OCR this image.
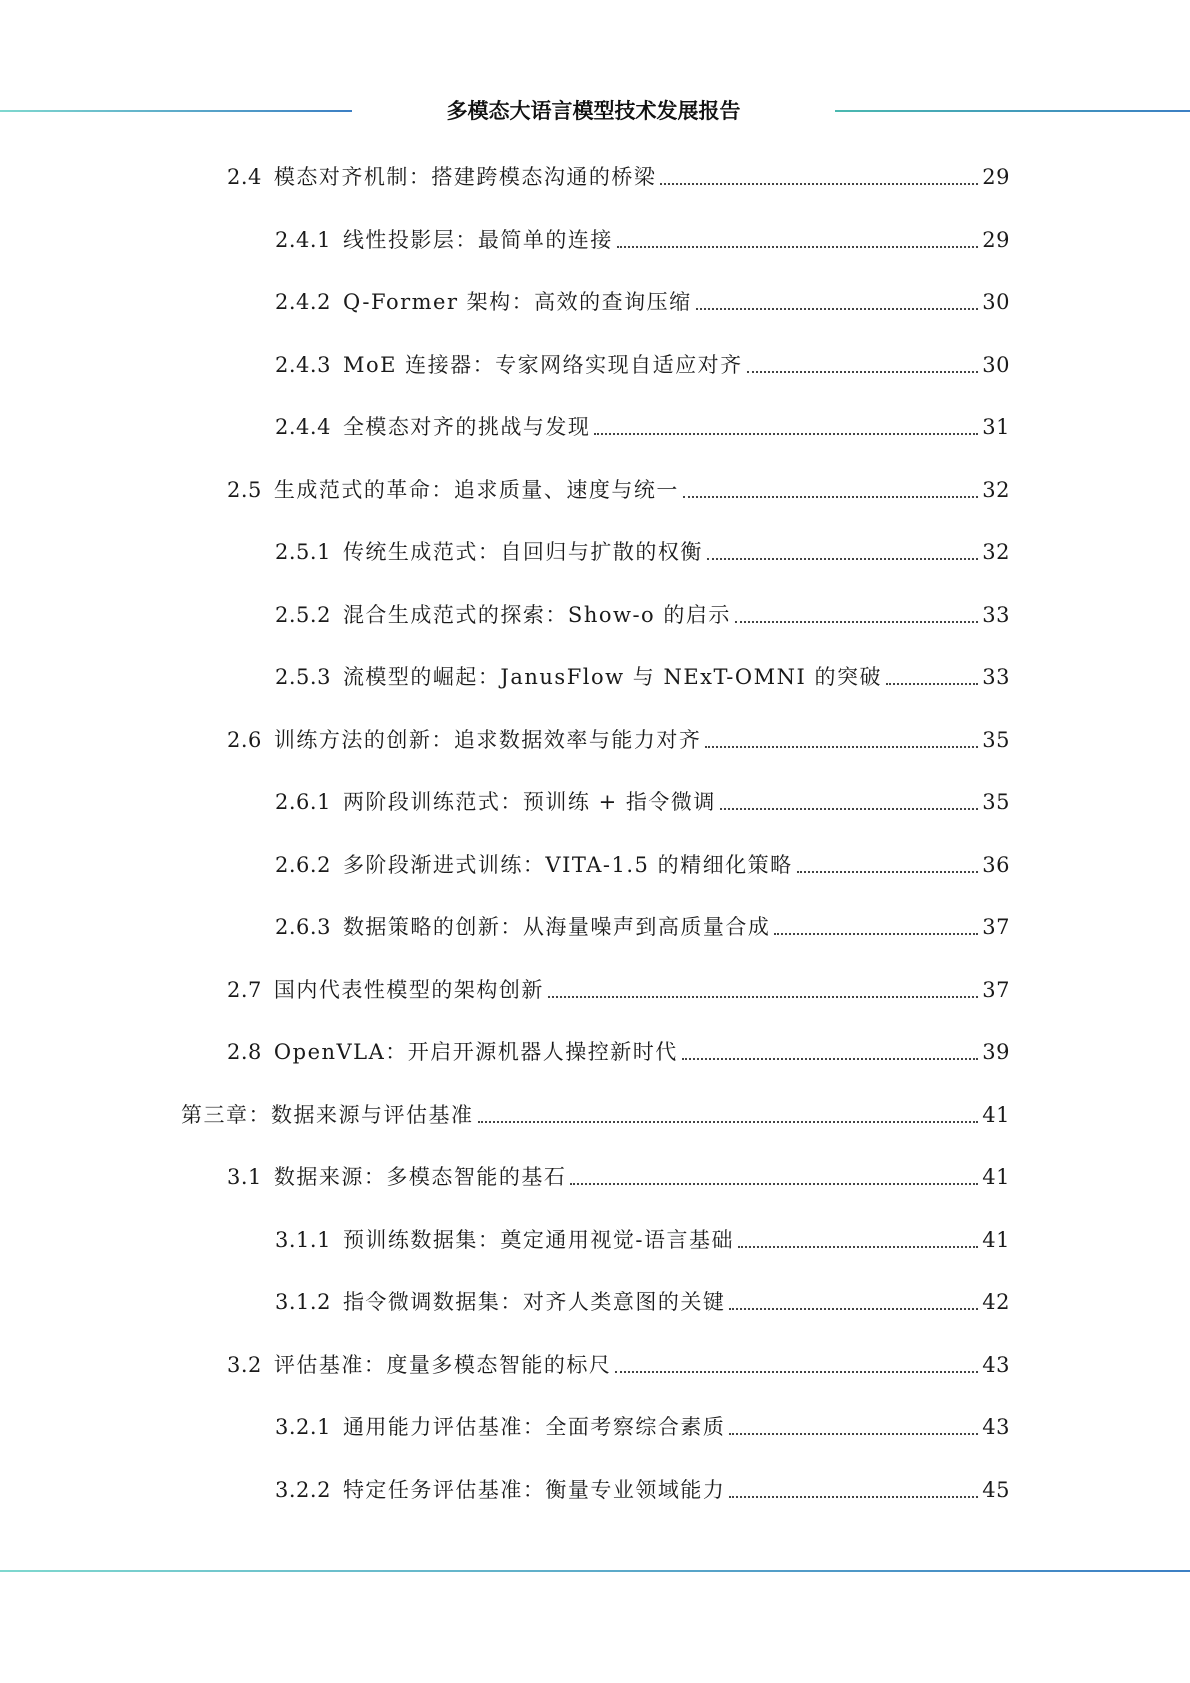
多模态大语言模型技术发展报告
2.4 模态对齐机制：搭建跨模态沟通的桥梁	29
2.4.1 线性投影层：最简单的连接	29
2.4.2 Q-Former 架构：高效的查询压缩	30
2.4.3 MoE 连接器：专家网络实现自适应对齐	30
2.4.4 全模态对齐的挑战与发现	31
2.5 生成范式的革命：追求质量、速度与统一	32
2.5.1 传统生成范式：自回归与扩散的权衡	32
2.5.2 混合生成范式的探索：Show-o 的启示	33
2.5.3 流模型的崛起：JanusFlow 与 NExT-OMNI 的突破	33
2.6 训练方法的创新：追求数据效率与能力对齐	35
2.6.1 两阶段训练范式：预训练 + 指令微调	35
2.6.2 多阶段渐进式训练：VITA-1.5 的精细化策略	36
2.6.3 数据策略的创新：从海量噪声到高质量合成	37
2.7 国内代表性模型的架构创新	37
2.8 OpenVLA：开启开源机器人操控新时代	39
第三章：数据来源与评估基准	41
3.1 数据来源：多模态智能的基石	41
3.1.1 预训练数据集：奠定通用视觉-语言基础	41
3.1.2 指令微调数据集：对齐人类意图的关键	42
3.2 评估基准：度量多模态智能的标尺	43
3.2.1 通用能力评估基准：全面考察综合素质	43
3.2.2 特定任务评估基准：衡量专业领域能力	45
